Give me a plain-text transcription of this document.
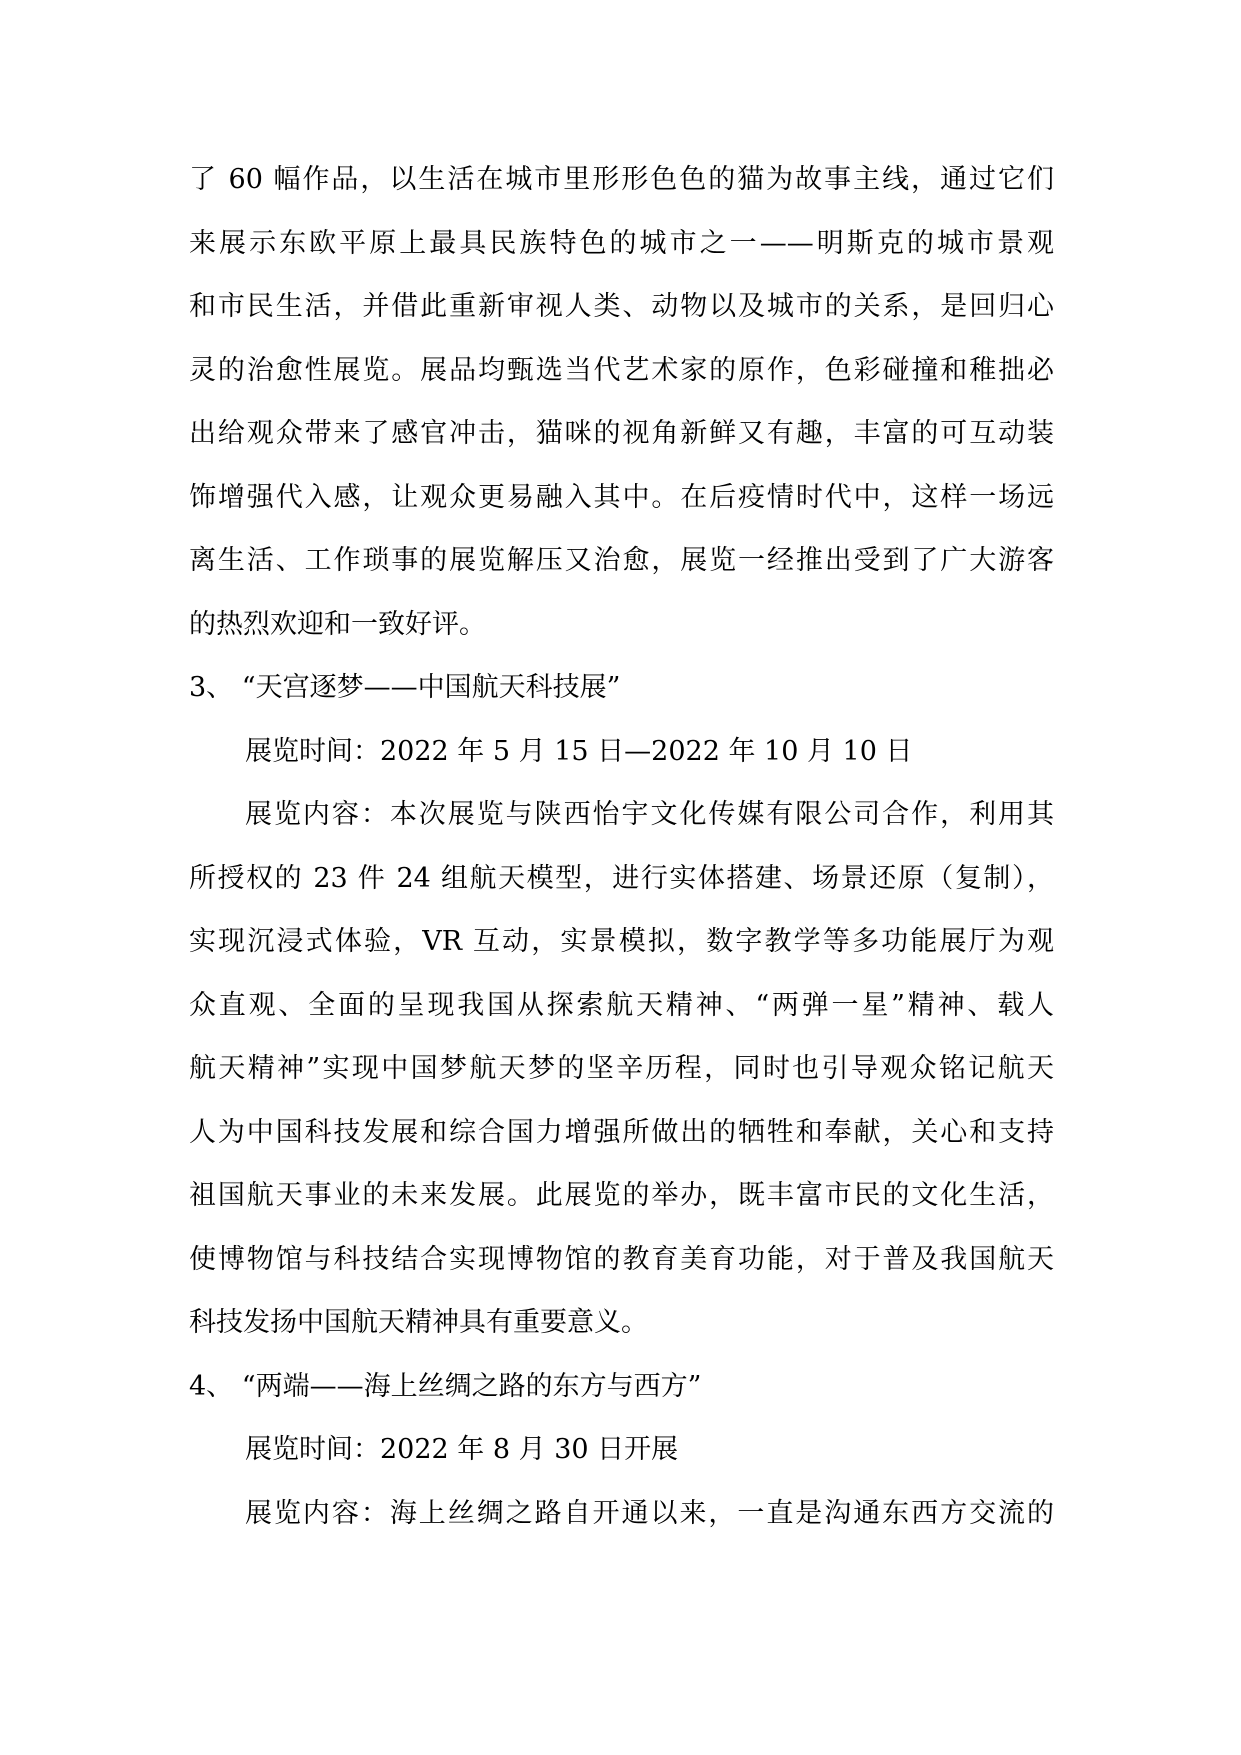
了 60 幅作品，以生活在城市里形形色色的猫为故事主线，通过它们
来展示东欧平原上最具民族特色的城市之一——明斯克的城市景观
和市民生活，并借此重新审视人类、动物以及城市的关系，是回归心
灵的治愈性展览。展品均甄选当代艺术家的原作，色彩碰撞和稚拙必
出给观众带来了感官冲击，猫咪的视角新鲜又有趣，丰富的可互动装
饰增强代入感，让观众更易融入其中。在后疫情时代中，这样一场远
离生活、工作琐事的展览解压又治愈，展览一经推出受到了广大游客
的热烈欢迎和一致好评。
3、 “天宫逐梦——中国航天科技展”
展览时间：2022 年 5 月 15 日—2022 年 10 月 10 日
展览内容：本次展览与陕西怡宇文化传媒有限公司合作，利用其
所授权的 23 件 24 组航天模型，进行实体搭建、场景还原（复制），
实现沉浸式体验，VR 互动，实景模拟，数字教学等多功能展厅为观
众直观、全面的呈现我国从探索航天精神、“两弹一星”精神、载人
航天精神”实现中国梦航天梦的坚辛历程，同时也引导观众铭记航天
人为中国科技发展和综合国力增强所做出的牺牲和奉献，关心和支持
祖国航天事业的未来发展。此展览的举办，既丰富市民的文化生活，
使博物馆与科技结合实现博物馆的教育美育功能，对于普及我国航天
科技发扬中国航天精神具有重要意义。
4、 “两端——海上丝绸之路的东方与西方”
展览时间：2022 年 8 月 30 日开展
展览内容：海上丝绸之路自开通以来，一直是沟通东西方交流的
